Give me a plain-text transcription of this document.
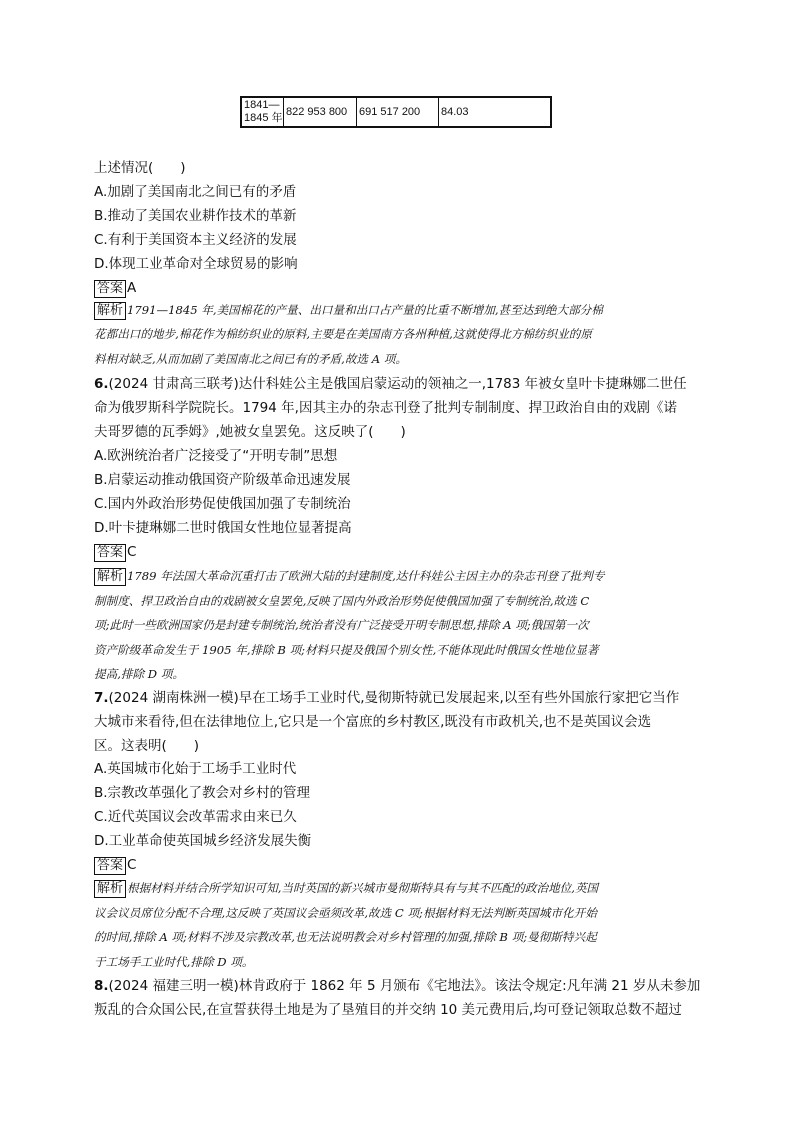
1841—
1845 年 822 953 800	691 517 200	84.03
上述情况(　　)
A.加剧了美国南北之间已有的矛盾
B.推动了美国农业耕作技术的革新
C.有利于美国资本主义经济的发展
D.体现工业革命对全球贸易的影响
答案 A
解析 1791—1845 年,美国棉花的产量、出口量和出口占产量的比重不断增加,甚至达到绝大部分棉
花都出口的地步,棉花作为棉纺织业的原料,主要是在美国南方各州种植,这就使得北方棉纺织业的原
料相对缺乏,从而加剧了美国南北之间已有的矛盾,故选 A 项。
6.(2024 甘肃高三联考)达什科娃公主是俄国启蒙运动的领袖之一,1783 年被女皇叶卡捷琳娜二世任
命为俄罗斯科学院院长。1794 年,因其主办的杂志刊登了批判专制制度、捍卫政治自由的戏剧《诺
夫哥罗德的瓦季姆》,她被女皇罢免。这反映了(　　)
A.欧洲统治者广泛接受了“开明专制”思想
B.启蒙运动推动俄国资产阶级革命迅速发展
C.国内外政治形势促使俄国加强了专制统治
D.叶卡捷琳娜二世时俄国女性地位显著提高
答案 C
解析 1789 年法国大革命沉重打击了欧洲大陆的封建制度,达什科娃公主因主办的杂志刊登了批判专
制制度、捍卫政治自由的戏剧被女皇罢免,反映了国内外政治形势促使俄国加强了专制统治,故选 C
项;此时一些欧洲国家仍是封建专制统治,统治者没有广泛接受开明专制思想,排除 A 项;俄国第一次
资产阶级革命发生于 1905 年,排除 B 项;材料只提及俄国个别女性,不能体现此时俄国女性地位显著
提高,排除 D 项。
7.(2024 湖南株洲一模)早在工场手工业时代,曼彻斯特就已发展起来,以至有些外国旅行家把它当作
大城市来看待,但在法律地位上,它只是一个富庶的乡村教区,既没有市政机关,也不是英国议会选
区。这表明(　　)
A.英国城市化始于工场手工业时代
B.宗教改革强化了教会对乡村的管理
C.近代英国议会改革需求由来已久
D.工业革命使英国城乡经济发展失衡
答案 C
解析 根据材料并结合所学知识可知,当时英国的新兴城市曼彻斯特具有与其不匹配的政治地位,英国
议会议员席位分配不合理,这反映了英国议会亟须改革,故选 C 项;根据材料无法判断英国城市化开始
的时间,排除 A 项;材料不涉及宗教改革,也无法说明教会对乡村管理的加强,排除 B 项;曼彻斯特兴起
于工场手工业时代,排除 D 项。
8.(2024 福建三明一模)林肯政府于 1862 年 5 月颁布《宅地法》。该法令规定:凡年满 21 岁从未参加
叛乱的合众国公民,在宣誓获得土地是为了垦殖目的并交纳 10 美元费用后,均可登记领取总数不超过
